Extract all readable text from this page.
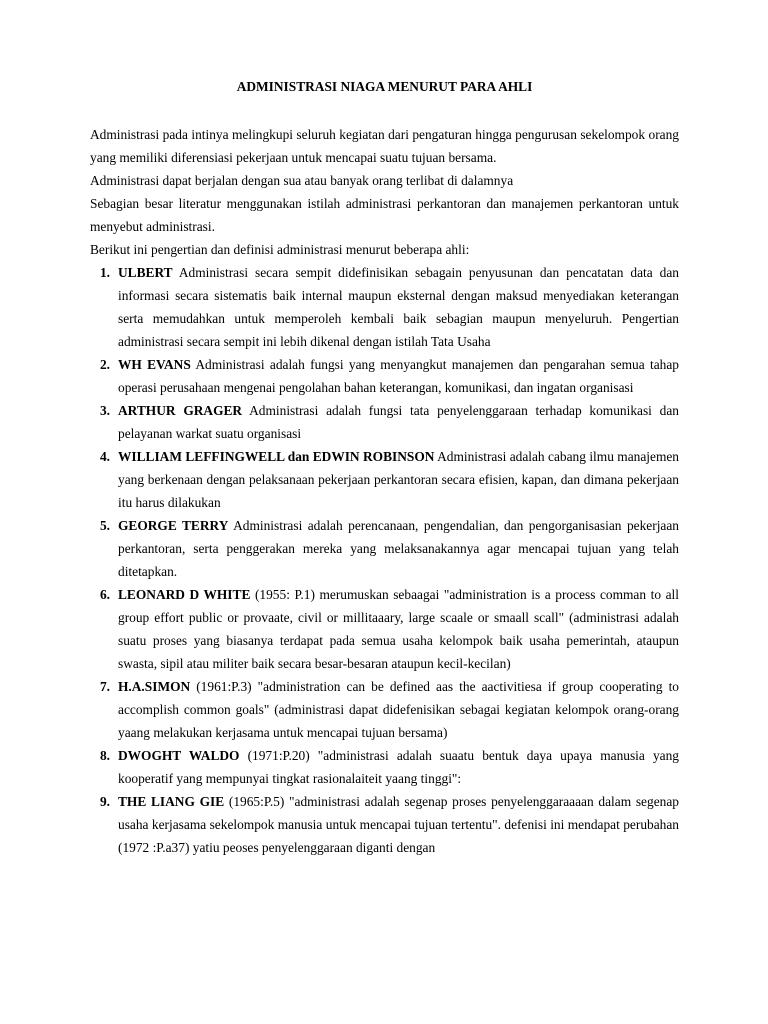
ADMINISTRASI NIAGA MENURUT PARA AHLI

Administrasi pada intinya melingkupi seluruh kegiatan dari pengaturan hingga pengurusan sekelompok orang yang memiliki diferensiasi pekerjaan untuk mencapai suatu tujuan bersama.

Administrasi dapat berjalan dengan sua atau banyak orang terlibat di dalamnya

Sebagian besar literatur menggunakan istilah administrasi perkantoran dan manajemen perkantoran untuk menyebut administrasi.

Berikut ini pengertian dan definisi administrasi menurut beberapa ahli:

1. ULBERT Administrasi secara sempit didefinisikan sebagain penyusunan dan pencatatan data dan informasi secara sistematis baik internal maupun eksternal dengan maksud menyediakan keterangan serta memudahkan untuk memperoleh kembali baik sebagian maupun menyeluruh. Pengertian administrasi secara sempit ini lebih dikenal dengan istilah Tata Usaha
2. WH EVANS Administrasi adalah fungsi yang menyangkut manajemen dan pengarahan semua tahap operasi perusahaan mengenai pengolahan bahan keterangan, komunikasi, dan ingatan organisasi
3. ARTHUR GRAGER Administrasi adalah fungsi tata penyelenggaraan terhadap komunikasi dan pelayanan warkat suatu organisasi
4. WILLIAM LEFFINGWELL dan EDWIN ROBINSON Administrasi adalah cabang ilmu manajemen yang berkenaan dengan pelaksanaan pekerjaan perkantoran secara efisien, kapan, dan dimana pekerjaan itu harus dilakukan
5. GEORGE TERRY Administrasi adalah perencanaan, pengendalian, dan pengorganisasian pekerjaan perkantoran, serta penggerakan mereka yang melaksanakannya agar mencapai tujuan yang telah ditetapkan.
6. LEONARD D WHITE (1955: P.1) merumuskan sebaagai "administration is a process comman to all group effort public or provaate, civil or millitaaary, large scaale or smaall scall" (administrasi adalah suatu proses yang biasanya terdapat pada semua usaha kelompok baik usaha pemerintah, ataupun swasta, sipil atau militer baik secara besar-besaran ataupun kecil-kecilan)
7. H.A.SIMON (1961:P.3) "administration can be defined aas the aactivitiesa if group cooperating to accomplish common goals" (administrasi dapat didefenisikan sebagai kegiatan kelompok orang-orang yaang melakukan kerjasama untuk mencapai tujuan bersama)
8. DWOGHT WALDO (1971:P.20) "administrasi adalah suaatu bentuk daya upaya manusia yang kooperatif yang mempunyai tingkat rasionalaiteit yaang tinggi":
9. THE LIANG GIE (1965:P.5) "administrasi adalah segenap proses penyelenggaraaaan dalam segenap usaha kerjasama sekelompok manusia untuk mencapai tujuan tertentu". defenisi ini mendapat perubahan (1972 :P.a37) yatiu peoses penyelenggaraan diganti dengan
